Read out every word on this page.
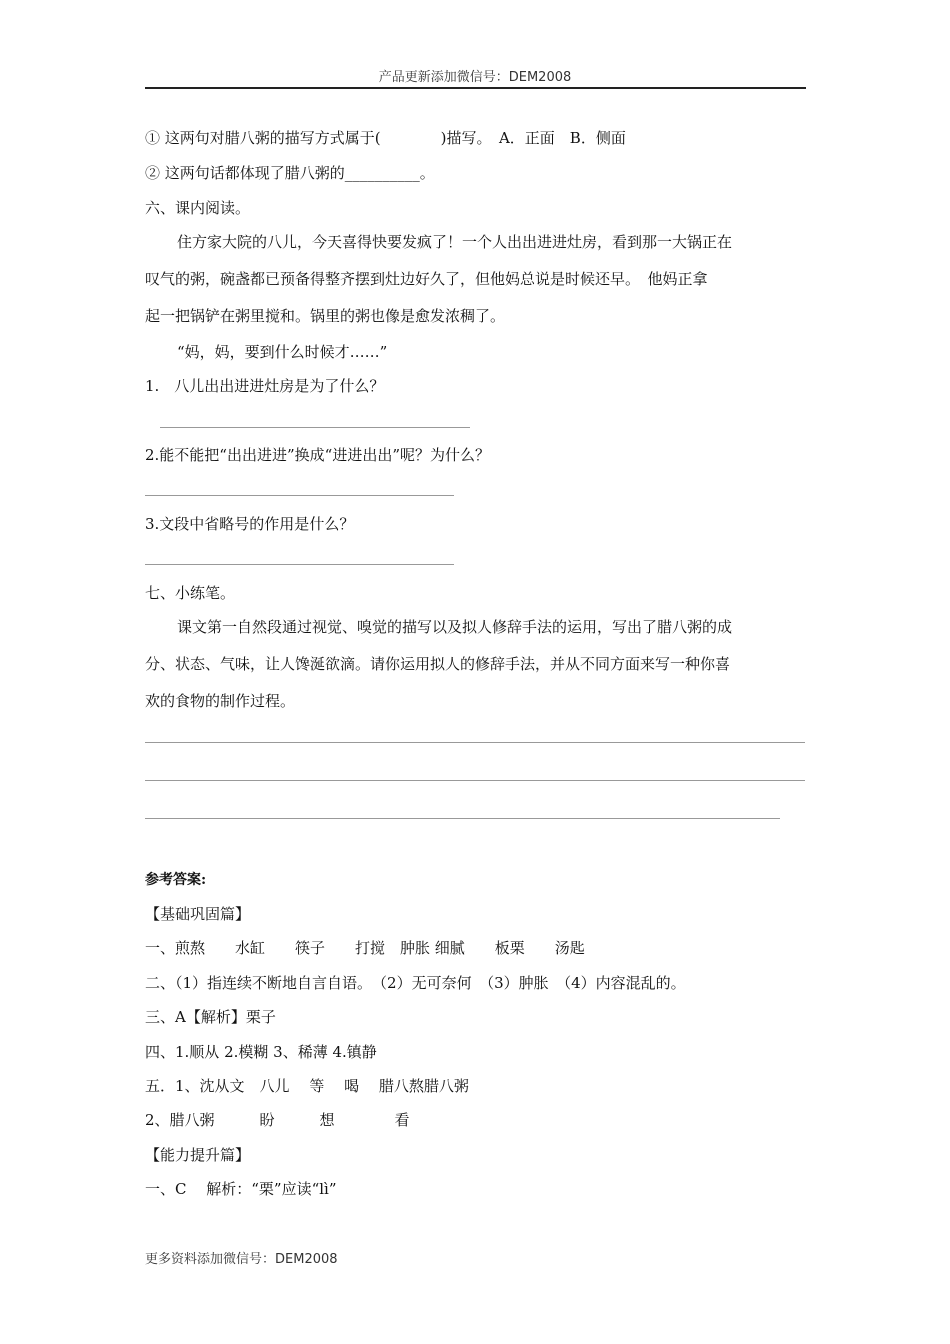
产品更新添加微信号：DEM2008
① 这两句对腊八粥的描写方式属于(　　　　)描写。　A．正面　B．侧面
② 这两句话都体现了腊八粥的__________。
六、课内阅读。
住方家大院的八儿，今天喜得快要发疯了！一个人出出进进灶房，看到那一大锅正在
叹气的粥，碗盏都已预备得整齐摆到灶边好久了，但他妈总说是时候还早。　他妈正拿
起一把锅铲在粥里搅和。锅里的粥也像是愈发浓稠了。
“妈，妈，要到什么时候才……”
1.　八儿出出进进灶房是为了什么？
2.能不能把“出出进进”换成“进进出出”呢？为什么？
3.文段中省略号的作用是什么？
七、小练笔。
课文第一自然段通过视觉、嗅觉的描写以及拟人修辞手法的运用，写出了腊八粥的成
分、状态、气味，让人馋涎欲滴。请你运用拟人的修辞手法，并从不同方面来写一种你喜
欢的食物的制作过程。
参考答案:
【基础巩固篇】
一、煎熬　　水缸　　筷子　　打搅　肿胀 细腻　　板栗　　汤匙
二、（1）指连续不断地自言自语。　（2）无可奈何　（3）肿胀　（4）内容混乱的。
三、A【解析】栗子
四、1.顺从 2.模糊 3、稀薄 4.镇静
五．1、沈从文　八儿　 等　 喝　 腊八熬腊八粥
2、腊八粥　　　盼　　　想　　　　看
【能力提升篇】
一、C　 解析：“栗”应读“lì”
更多资料添加微信号：DEM2008
